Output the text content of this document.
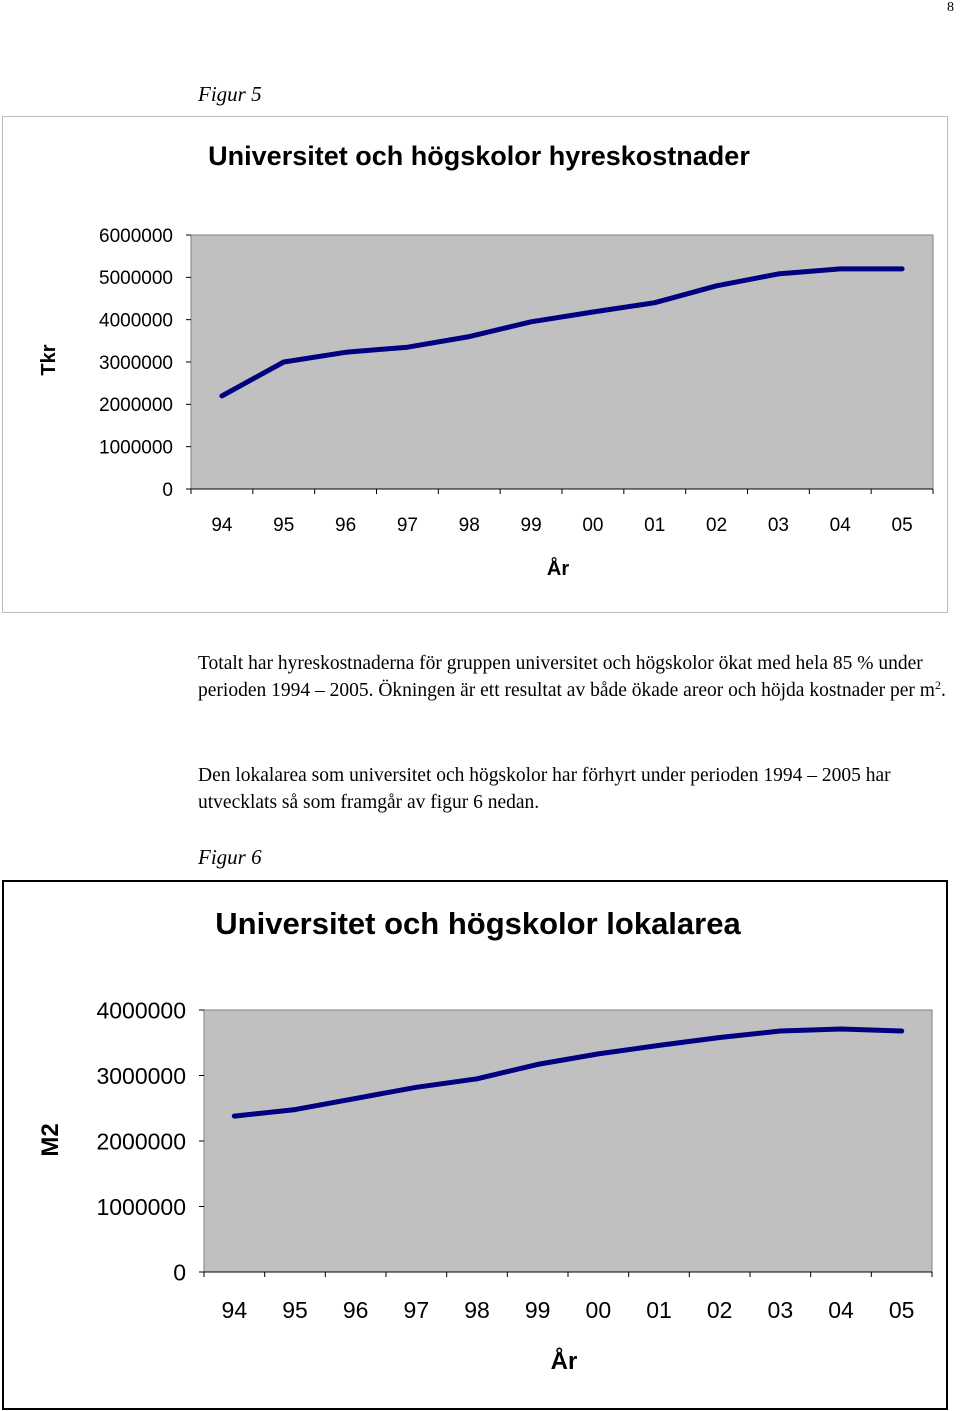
8
Figur 5
Universitet och högskolor hyreskostnader
0
1000000
2000000
3000000
4000000
5000000
6000000
94 95 96 97 98 99 00 01 02 03 04 05
År
Tkr

Totalt har hyreskostnaderna för gruppen universitet och högskolor ökat med hela 85 % under perioden 1994 – 2005. Ökningen är ett resultat av både ökade areor och höjda kostnader per $m^2$.

Den lokalarea som universitet och högskolor har förhyrt under perioden 1994 – 2005 har utvecklats så som framgår av figur 6 nedan.

Figur 6
Universitet och högskolor lokalarea
0
1000000
2000000
3000000
4000000
94 95 96 97 98 99 00 01 02 03 04 05
År
M2
